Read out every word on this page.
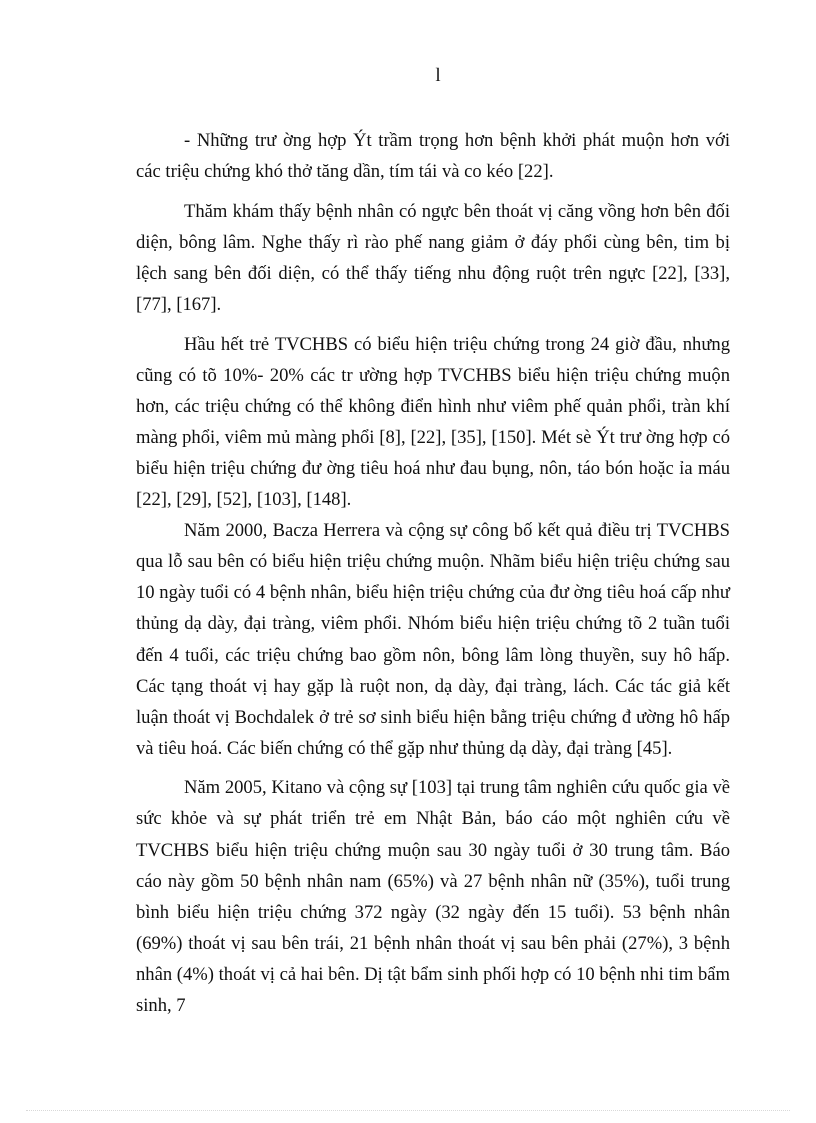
l

- Những trư ờng hợp Ýt trầm trọng hơn bệnh khởi phát muộn hơn với các triệu chứng khó thở tăng dần, tím tái và co kéo [22].

Thăm khám thấy bệnh nhân có ngực bên thoát vị căng vồng hơn bên đối diện, bông lâm. Nghe thấy rì rào phế nang giảm ở đáy phổi cùng bên, tim bị lệch sang bên đối diện, có thể thấy tiếng nhu động ruột trên ngực [22], [33], [77], [167].

Hầu hết trẻ TVCHBS có biểu hiện triệu chứng trong 24 giờ đầu, nhưng cũng có tõ 10%- 20% các tr ường hợp TVCHBS biểu hiện triệu chứng muộn hơn, các triệu chứng có thể không điển hình như viêm phế quản phổi, tràn khí màng phổi, viêm mủ màng phổi [8], [22], [35], [150]. Mét sè Ýt trư ờng hợp có biểu hiện triệu chứng đư ờng tiêu hoá như đau bụng, nôn, táo bón hoặc ỉa máu [22], [29], [52], [103], [148].

Năm 2000, Bacza Herrera và cộng sự công bố kết quả điều trị TVCHBS qua lỗ sau bên có biểu hiện triệu chứng muộn. Nhãm biểu hiện triệu chứng sau 10 ngày tuổi có 4 bệnh nhân, biểu hiện triệu chứng của đư ờng tiêu hoá cấp như thủng dạ dày, đại tràng, viêm phổi. Nhóm biểu hiện triệu chứng tõ 2 tuần tuổi đến 4 tuổi, các triệu chứng bao gồm nôn, bông lâm lòng thuyền, suy hô hấp. Các tạng thoát vị hay gặp là ruột non, dạ dày, đại tràng, lách. Các tác giả kết luận thoát vị Bochdalek ở trẻ sơ sinh biểu hiện bằng triệu chứng đ ường hô hấp và tiêu hoá. Các biến chứng có thể gặp như thủng dạ dày, đại tràng [45].

Năm 2005, Kitano và cộng sự [103] tại trung tâm nghiên cứu quốc gia về sức khỏe và sự phát triển trẻ em Nhật Bản, báo cáo một nghiên cứu về TVCHBS biểu hiện triệu chứng muộn sau 30 ngày tuổi ở 30 trung tâm. Báo cáo này gồm 50 bệnh nhân nam (65%) và 27 bệnh nhân nữ (35%), tuổi trung bình biểu hiện triệu chứng 372 ngày (32 ngày đến 15 tuổi). 53 bệnh nhân (69%) thoát vị sau bên trái, 21 bệnh nhân thoát vị sau bên phải (27%), 3 bệnh nhân (4%) thoát vị cả hai bên. Dị tật bẩm sinh phối hợp có 10 bệnh nhi tim bẩm sinh, 7
